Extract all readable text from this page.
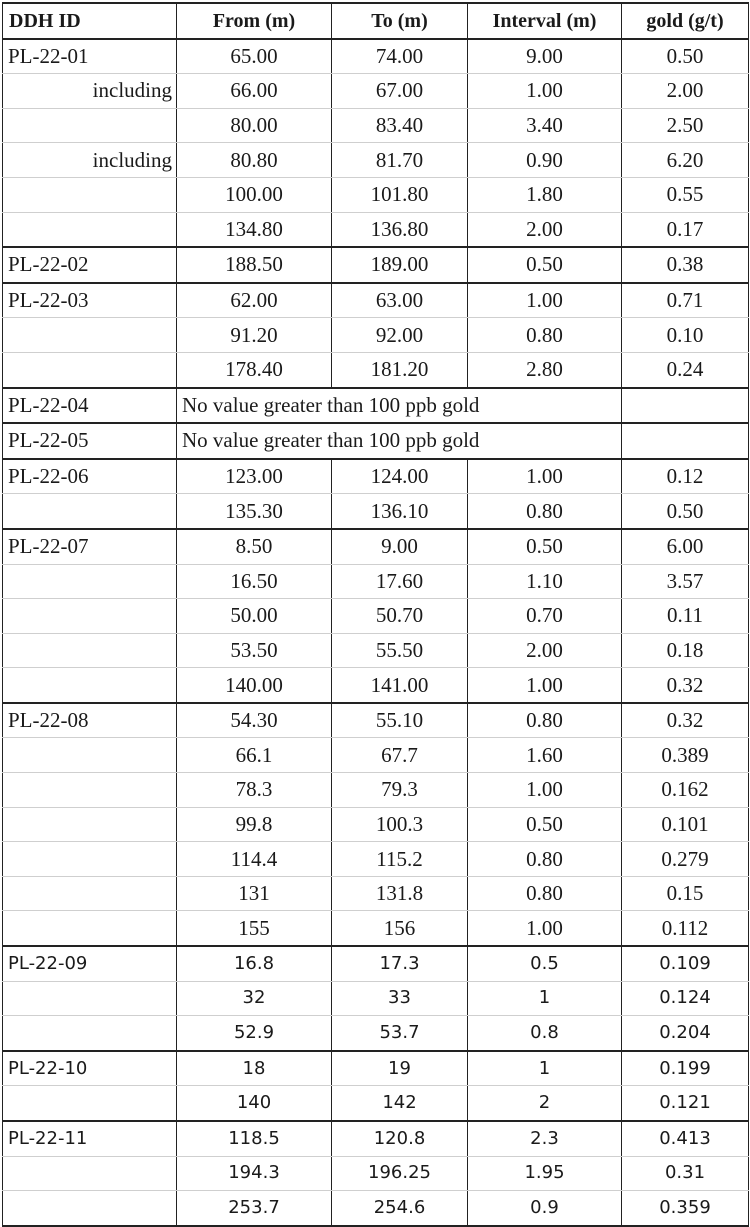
DDH ID	From (m)	To (m)	Interval (m)	gold (g/t)
PL-22-01	65.00	74.00	9.00	0.50
including	66.00	67.00	1.00	2.00
	80.00	83.40	3.40	2.50
including	80.80	81.70	0.90	6.20
	100.00	101.80	1.80	0.55
	134.80	136.80	2.00	0.17
PL-22-02	188.50	189.00	0.50	0.38
PL-22-03	62.00	63.00	1.00	0.71
	91.20	92.00	0.80	0.10
	178.40	181.20	2.80	0.24
PL-22-04	No value greater than 100 ppb gold			
PL-22-05	No value greater than 100 ppb gold			
PL-22-06	123.00	124.00	1.00	0.12
	135.30	136.10	0.80	0.50
PL-22-07	8.50	9.00	0.50	6.00
	16.50	17.60	1.10	3.57
	50.00	50.70	0.70	0.11
	53.50	55.50	2.00	0.18
	140.00	141.00	1.00	0.32
PL-22-08	54.30	55.10	0.80	0.32
	66.1	67.7	1.60	0.389
	78.3	79.3	1.00	0.162
	99.8	100.3	0.50	0.101
	114.4	115.2	0.80	0.279
	131	131.8	0.80	0.15
	155	156	1.00	0.112
PL-22-09	16.8	17.3	0.5	0.109
	32	33	1	0.124
	52.9	53.7	0.8	0.204
PL-22-10	18	19	1	0.199
	140	142	2	0.121
PL-22-11	118.5	120.8	2.3	0.413
	194.3	196.25	1.95	0.31
	253.7	254.6	0.9	0.359
